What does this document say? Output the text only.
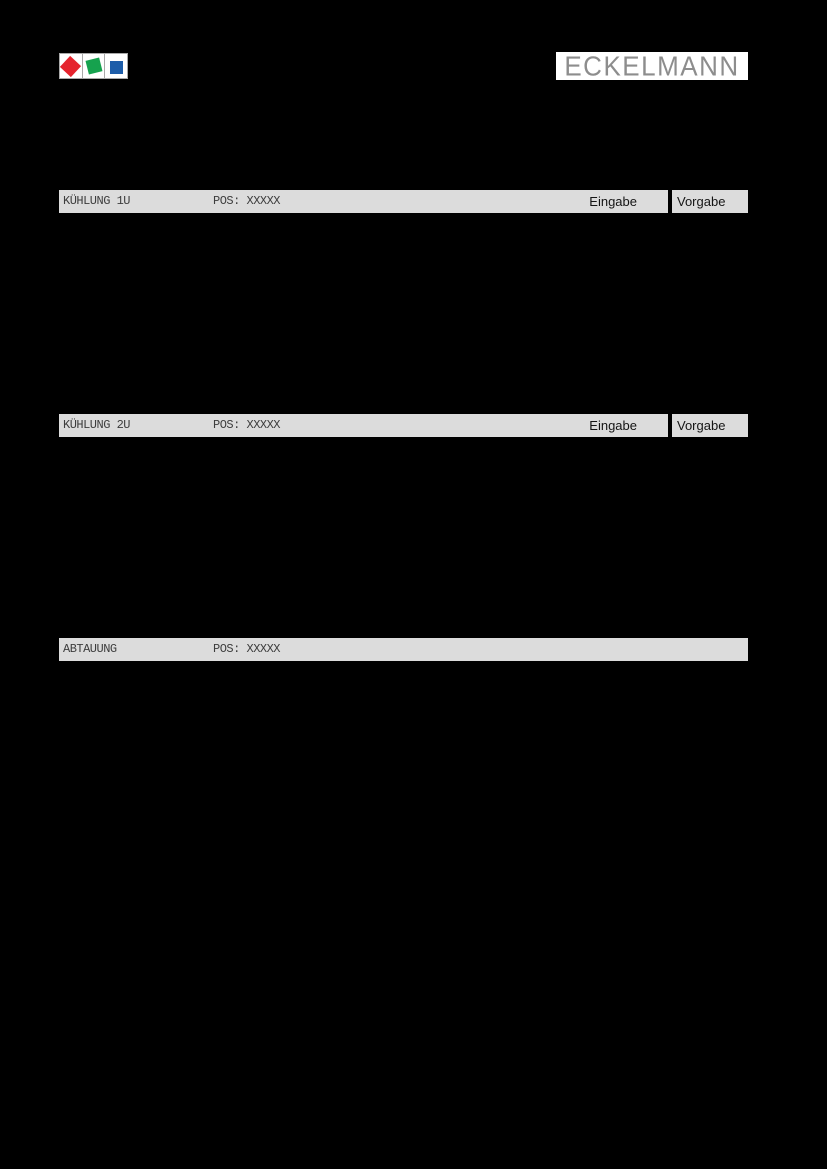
ECKELMANN
KÜHLUNG 1U	POS: XXXXX	Eingabe	Vorgabe
KÜHLUNG 2U	POS: XXXXX	Eingabe	Vorgabe
ABTAUUNG	POS: XXXXX
